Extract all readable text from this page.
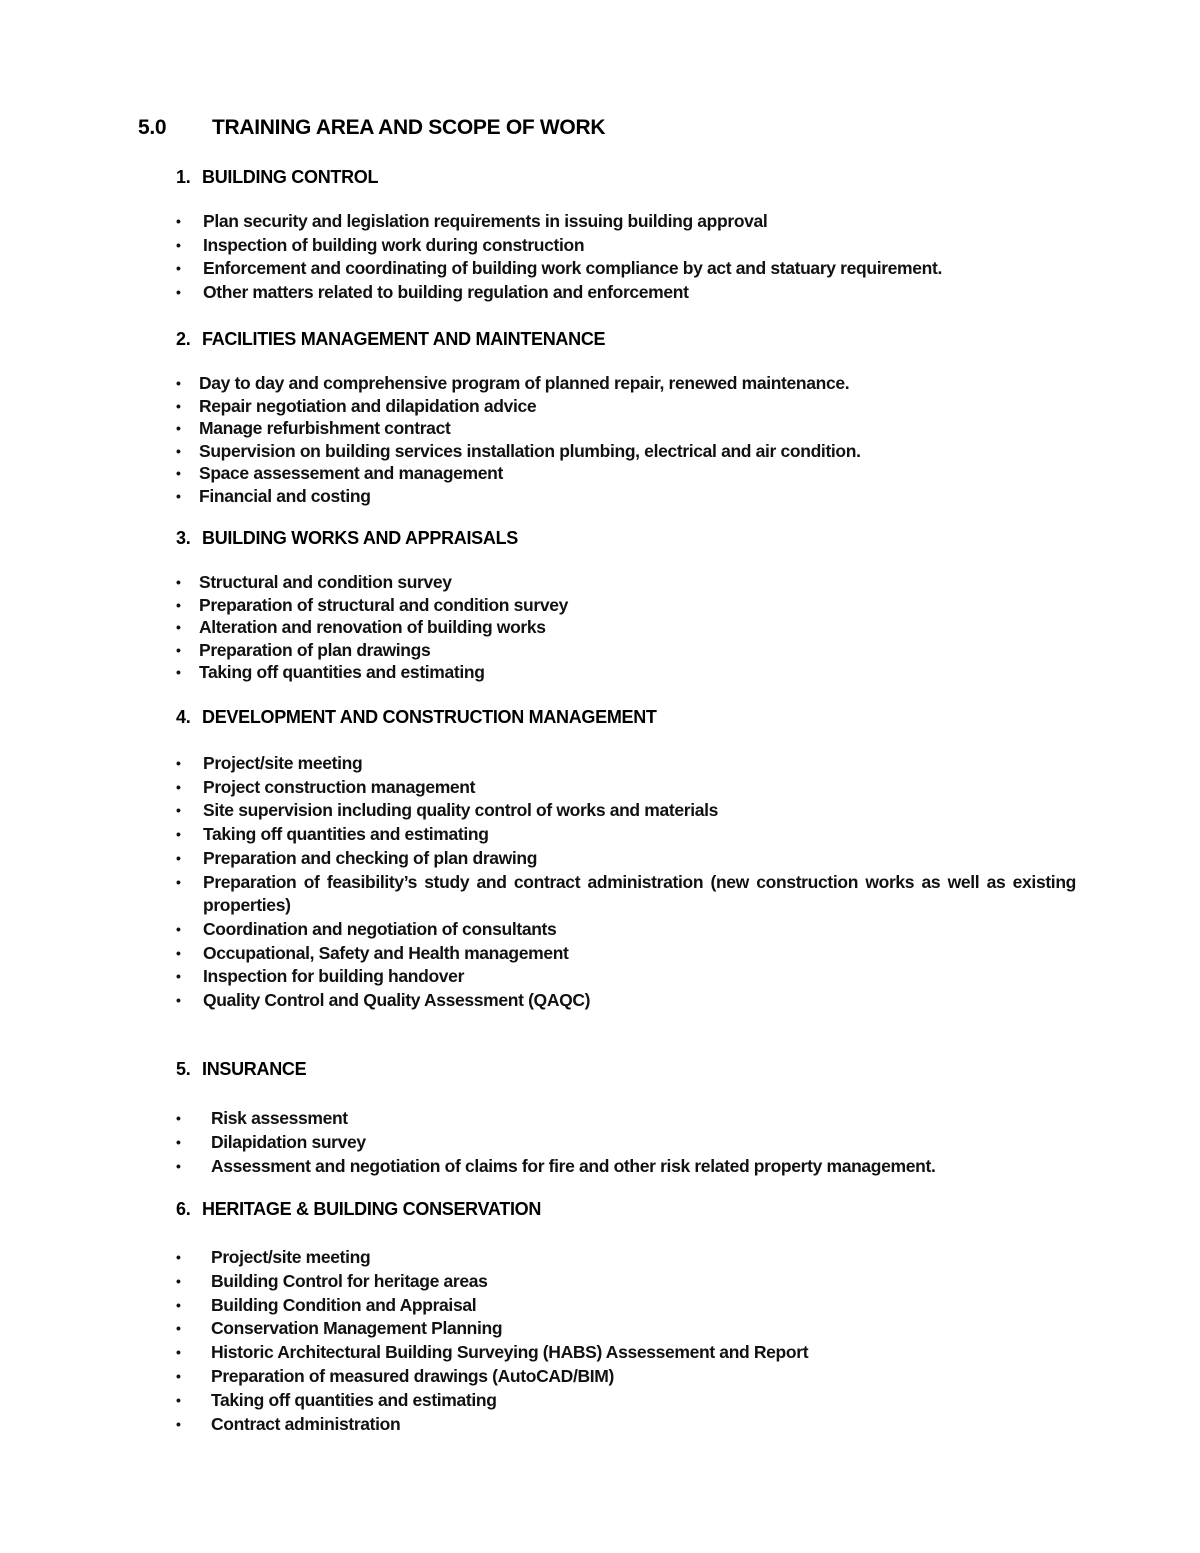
5.0 TRAINING AREA AND SCOPE OF WORK

1. BUILDING CONTROL

• Plan security and legislation requirements in issuing building approval
• Inspection of building work during construction
• Enforcement and coordinating of building work compliance by act and statuary requirement.
• Other matters related to building regulation and enforcement

2. FACILITIES MANAGEMENT AND MAINTENANCE

• Day to day and comprehensive program of planned repair, renewed maintenance.
• Repair negotiation and dilapidation advice
• Manage refurbishment contract
• Supervision on building services installation plumbing, electrical and air condition.
• Space assessement and management
• Financial and costing

3. BUILDING WORKS AND APPRAISALS

• Structural and condition survey
• Preparation of structural and condition survey
• Alteration and renovation of building works
• Preparation of plan drawings
• Taking off quantities and estimating

4. DEVELOPMENT AND CONSTRUCTION MANAGEMENT

• Project/site meeting
• Project construction management
• Site supervision including quality control of works and materials
• Taking off quantities and estimating
• Preparation and checking of plan drawing
• Preparation of feasibility’s study and contract administration (new construction works as well as existing properties)
• Coordination and negotiation of consultants
• Occupational, Safety and Health management
• Inspection for building handover
• Quality Control and Quality Assessment (QAQC)

5. INSURANCE

• Risk assessment
• Dilapidation survey
• Assessment and negotiation of claims for fire and other risk related property management.

6. HERITAGE & BUILDING CONSERVATION

• Project/site meeting
• Building Control for heritage areas
• Building Condition and Appraisal
• Conservation Management Planning
• Historic Architectural Building Surveying (HABS) Assessement and Report
• Preparation of measured drawings (AutoCAD/BIM)
• Taking off quantities and estimating
• Contract administration
